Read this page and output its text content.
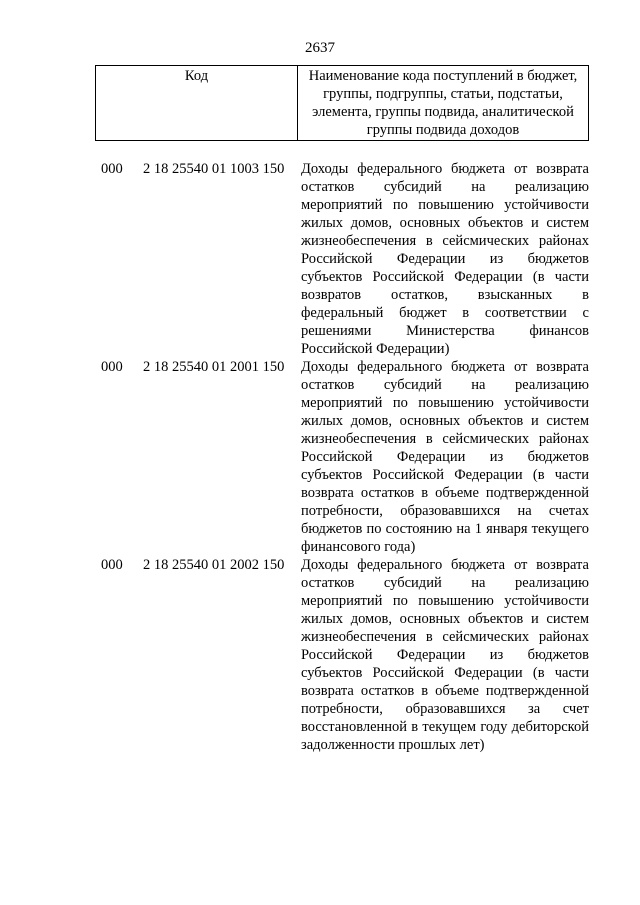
2637
Код	Наименование кода поступлений в бюджет, группы, подгруппы, статьи, подстатьи, элемента, группы подвида, аналитической группы подвида доходов
000 2 18 25540 01 1003 150 Доходы федерального бюджета от возврата остатков субсидий на реализацию мероприятий по повышению устойчивости жилых домов, основных объектов и систем жизнеобеспечения в сейсмических районах Российской Федерации из бюджетов субъектов Российской Федерации (в части возвратов остатков, взысканных в федеральный бюджет в соответствии с решениями Министерства финансов Российской Федерации)
000 2 18 25540 01 2001 150 Доходы федерального бюджета от возврата остатков субсидий на реализацию мероприятий по повышению устойчивости жилых домов, основных объектов и систем жизнеобеспечения в сейсмических районах Российской Федерации из бюджетов субъектов Российской Федерации (в части возврата остатков в объеме подтвержденной потребности, образовавшихся на счетах бюджетов по состоянию на 1 января текущего финансового года)
000 2 18 25540 01 2002 150 Доходы федерального бюджета от возврата остатков субсидий на реализацию мероприятий по повышению устойчивости жилых домов, основных объектов и систем жизнеобеспечения в сейсмических районах Российской Федерации из бюджетов субъектов Российской Федерации (в части возврата остатков в объеме подтвержденной потребности, образовавшихся за счет восстановленной в текущем году дебиторской задолженности прошлых лет)
